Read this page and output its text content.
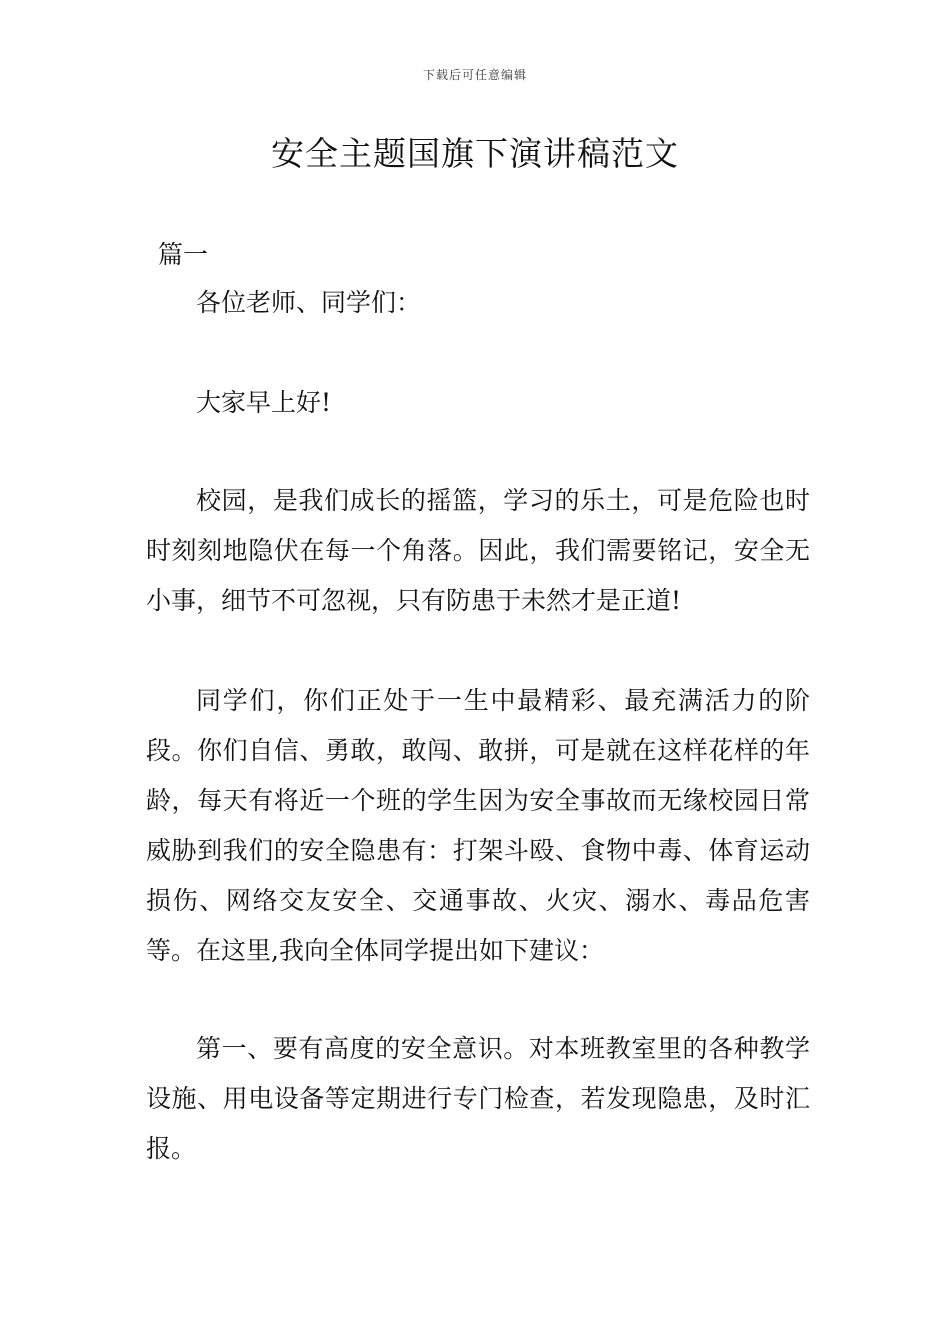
下载后可任意编辑
安全主题国旗下演讲稿范文
篇一

各位老师、同学们：

大家早上好!

校园，是我们成长的摇篮，学习的乐土，可是危险也时时刻刻地隐伏在每一个角落。因此，我们需要铭记，安全无小事，细节不可忽视，只有防患于未然才是正道!

同学们，你们正处于一生中最精彩、最充满活力的阶段。你们自信、勇敢，敢闯、敢拼，可是就在这样花样的年龄，每天有将近一个班的学生因为安全事故而无缘校园日常威胁到我们的安全隐患有：打架斗殴、食物中毒、体育运动损伤、网络交友安全、交通事故、火灾、溺水、毒品危害等。在这里,我向全体同学提出如下建议：

第一、要有高度的安全意识。对本班教室里的各种教学设施、用电设备等定期进行专门检查，若发现隐患，及时汇报。
